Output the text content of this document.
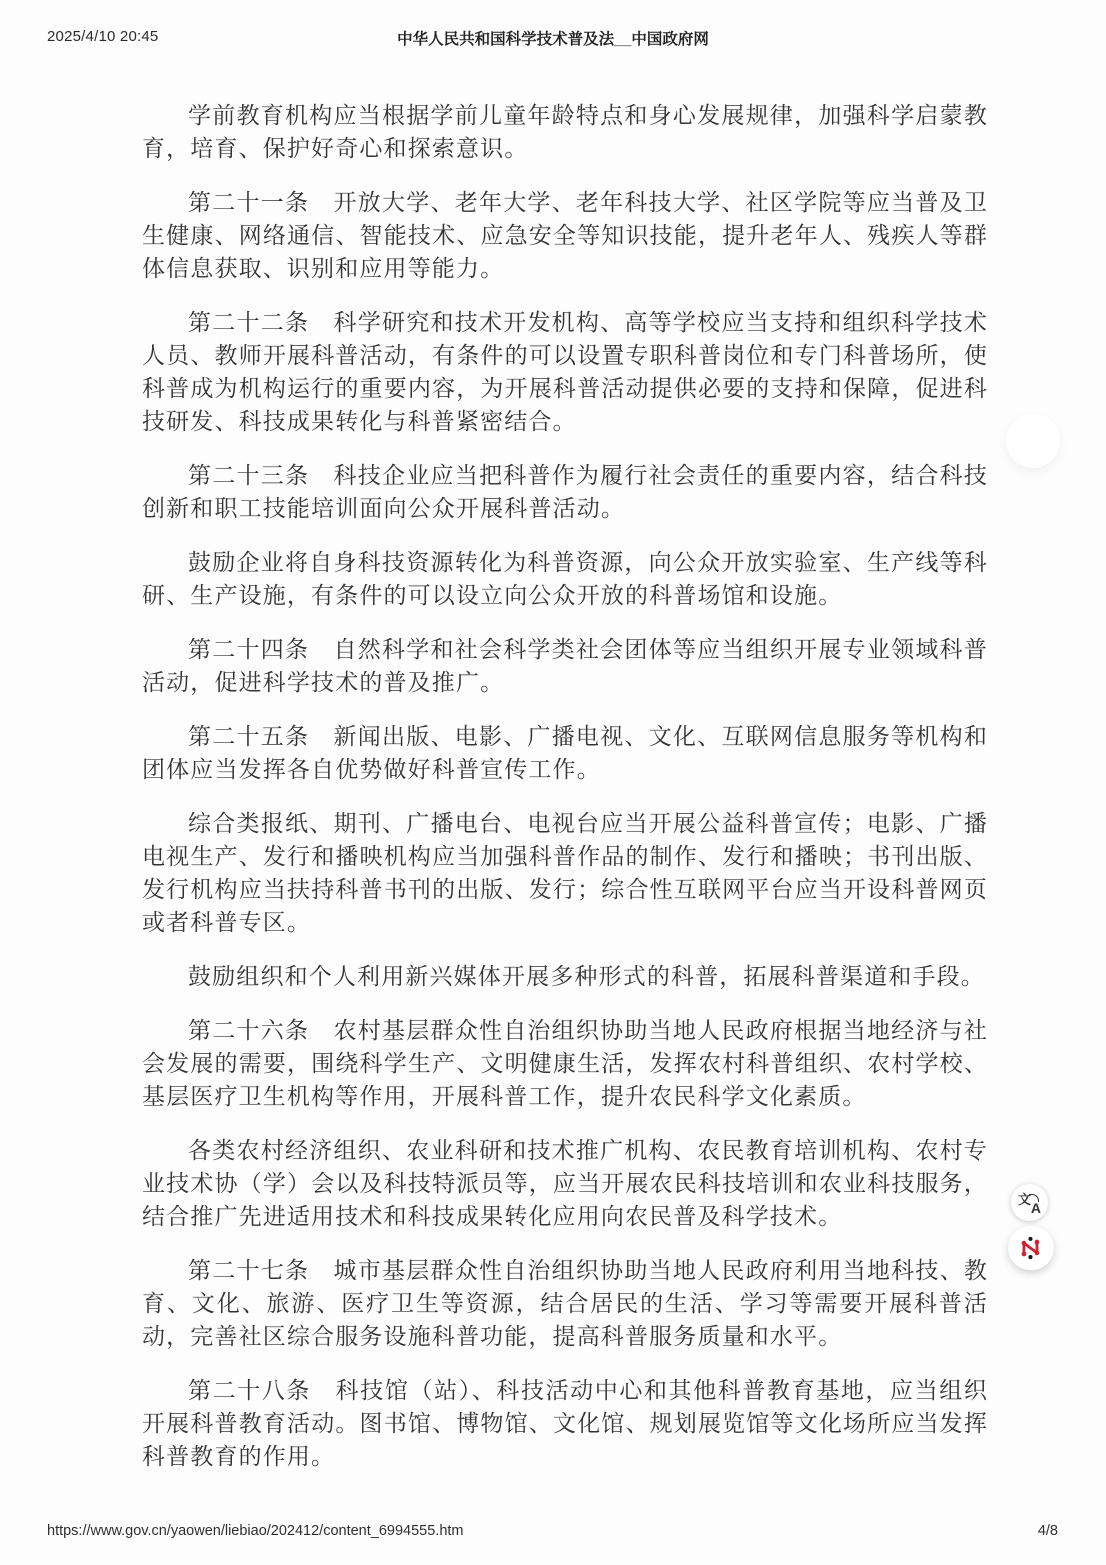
2025/4/10 20:45	中华人民共和国科学技术普及法__中国政府网

学前教育机构应当根据学前儿童年龄特点和身心发展规律，加强科学启蒙教育，培育、保护好奇心和探索意识。

第二十一条　开放大学、老年大学、老年科技大学、社区学院等应当普及卫生健康、网络通信、智能技术、应急安全等知识技能，提升老年人、残疾人等群体信息获取、识别和应用等能力。

第二十二条　科学研究和技术开发机构、高等学校应当支持和组织科学技术人员、教师开展科普活动，有条件的可以设置专职科普岗位和专门科普场所，使科普成为机构运行的重要内容，为开展科普活动提供必要的支持和保障，促进科技研发、科技成果转化与科普紧密结合。

第二十三条　科技企业应当把科普作为履行社会责任的重要内容，结合科技创新和职工技能培训面向公众开展科普活动。

鼓励企业将自身科技资源转化为科普资源，向公众开放实验室、生产线等科研、生产设施，有条件的可以设立向公众开放的科普场馆和设施。

第二十四条　自然科学和社会科学类社会团体等应当组织开展专业领域科普活动，促进科学技术的普及推广。

第二十五条　新闻出版、电影、广播电视、文化、互联网信息服务等机构和团体应当发挥各自优势做好科普宣传工作。

综合类报纸、期刊、广播电台、电视台应当开展公益科普宣传；电影、广播电视生产、发行和播映机构应当加强科普作品的制作、发行和播映；书刊出版、发行机构应当扶持科普书刊的出版、发行；综合性互联网平台应当开设科普网页或者科普专区。

鼓励组织和个人利用新兴媒体开展多种形式的科普，拓展科普渠道和手段。

第二十六条　农村基层群众性自治组织协助当地人民政府根据当地经济与社会发展的需要，围绕科学生产、文明健康生活，发挥农村科普组织、农村学校、基层医疗卫生机构等作用，开展科普工作，提升农民科学文化素质。

各类农村经济组织、农业科研和技术推广机构、农民教育培训机构、农村专业技术协（学）会以及科技特派员等，应当开展农民科技培训和农业科技服务，结合推广先进适用技术和科技成果转化应用向农民普及科学技术。

第二十七条　城市基层群众性自治组织协助当地人民政府利用当地科技、教育、文化、旅游、医疗卫生等资源，结合居民的生活、学习等需要开展科普活动，完善社区综合服务设施科普功能，提高科普服务质量和水平。

第二十八条　科技馆（站）、科技活动中心和其他科普教育基地，应当组织开展科普教育活动。图书馆、博物馆、文化馆、规划展览馆等文化场所应当发挥科普教育的作用。

文
A
https://www.gov.cn/yaowen/liebiao/202412/content_6994555.htm	4/8
